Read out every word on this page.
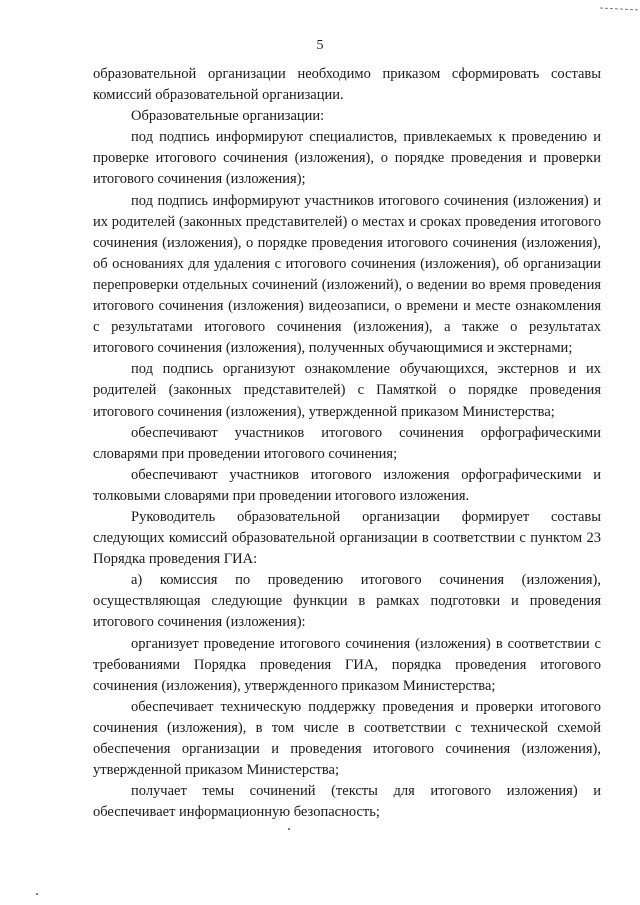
5

образовательной организации необходимо приказом сформировать составы комиссий образовательной организации.

Образовательные организации:

под подпись информируют специалистов, привлекаемых к проведению и проверке итогового сочинения (изложения), о порядке проведения и проверки итогового сочинения (изложения);

под подпись информируют участников итогового сочинения (изложения) и их родителей (законных представителей) о местах и сроках проведения итогового сочинения (изложения), о порядке проведения итогового сочинения (изложения), об основаниях для удаления с итогового сочинения (изложения), об организации перепроверки отдельных сочинений (изложений), о ведении во время проведения итогового сочинения (изложения) видеозаписи, о времени и месте ознакомления с результатами итогового сочинения (изложения), а также о результатах итогового сочинения (изложения), полученных обучающимися и экстернами;

под подпись организуют ознакомление обучающихся, экстернов и их родителей (законных представителей) с Памяткой о порядке проведения итогового сочинения (изложения), утвержденной приказом Министерства;

обеспечивают участников итогового сочинения орфографическими словарями при проведении итогового сочинения;

обеспечивают участников итогового изложения орфографическими и толковыми словарями при проведении итогового изложения.

Руководитель образовательной организации формирует составы следующих комиссий образовательной организации в соответствии с пунктом 23 Порядка проведения ГИА:

а) комиссия по проведению итогового сочинения (изложения), осуществляющая следующие функции в рамках подготовки и проведения итогового сочинения (изложения):

организует проведение итогового сочинения (изложения) в соответствии с требованиями Порядка проведения ГИА, порядка проведения итогового сочинения (изложения), утвержденного приказом Министерства;

обеспечивает техническую поддержку проведения и проверки итогового сочинения (изложения), в том числе в соответствии с технической схемой обеспечения организации и проведения итогового сочинения (изложения), утвержденной приказом Министерства;

получает темы сочинений (тексты для итогового изложения) и обеспечивает информационную безопасность;
